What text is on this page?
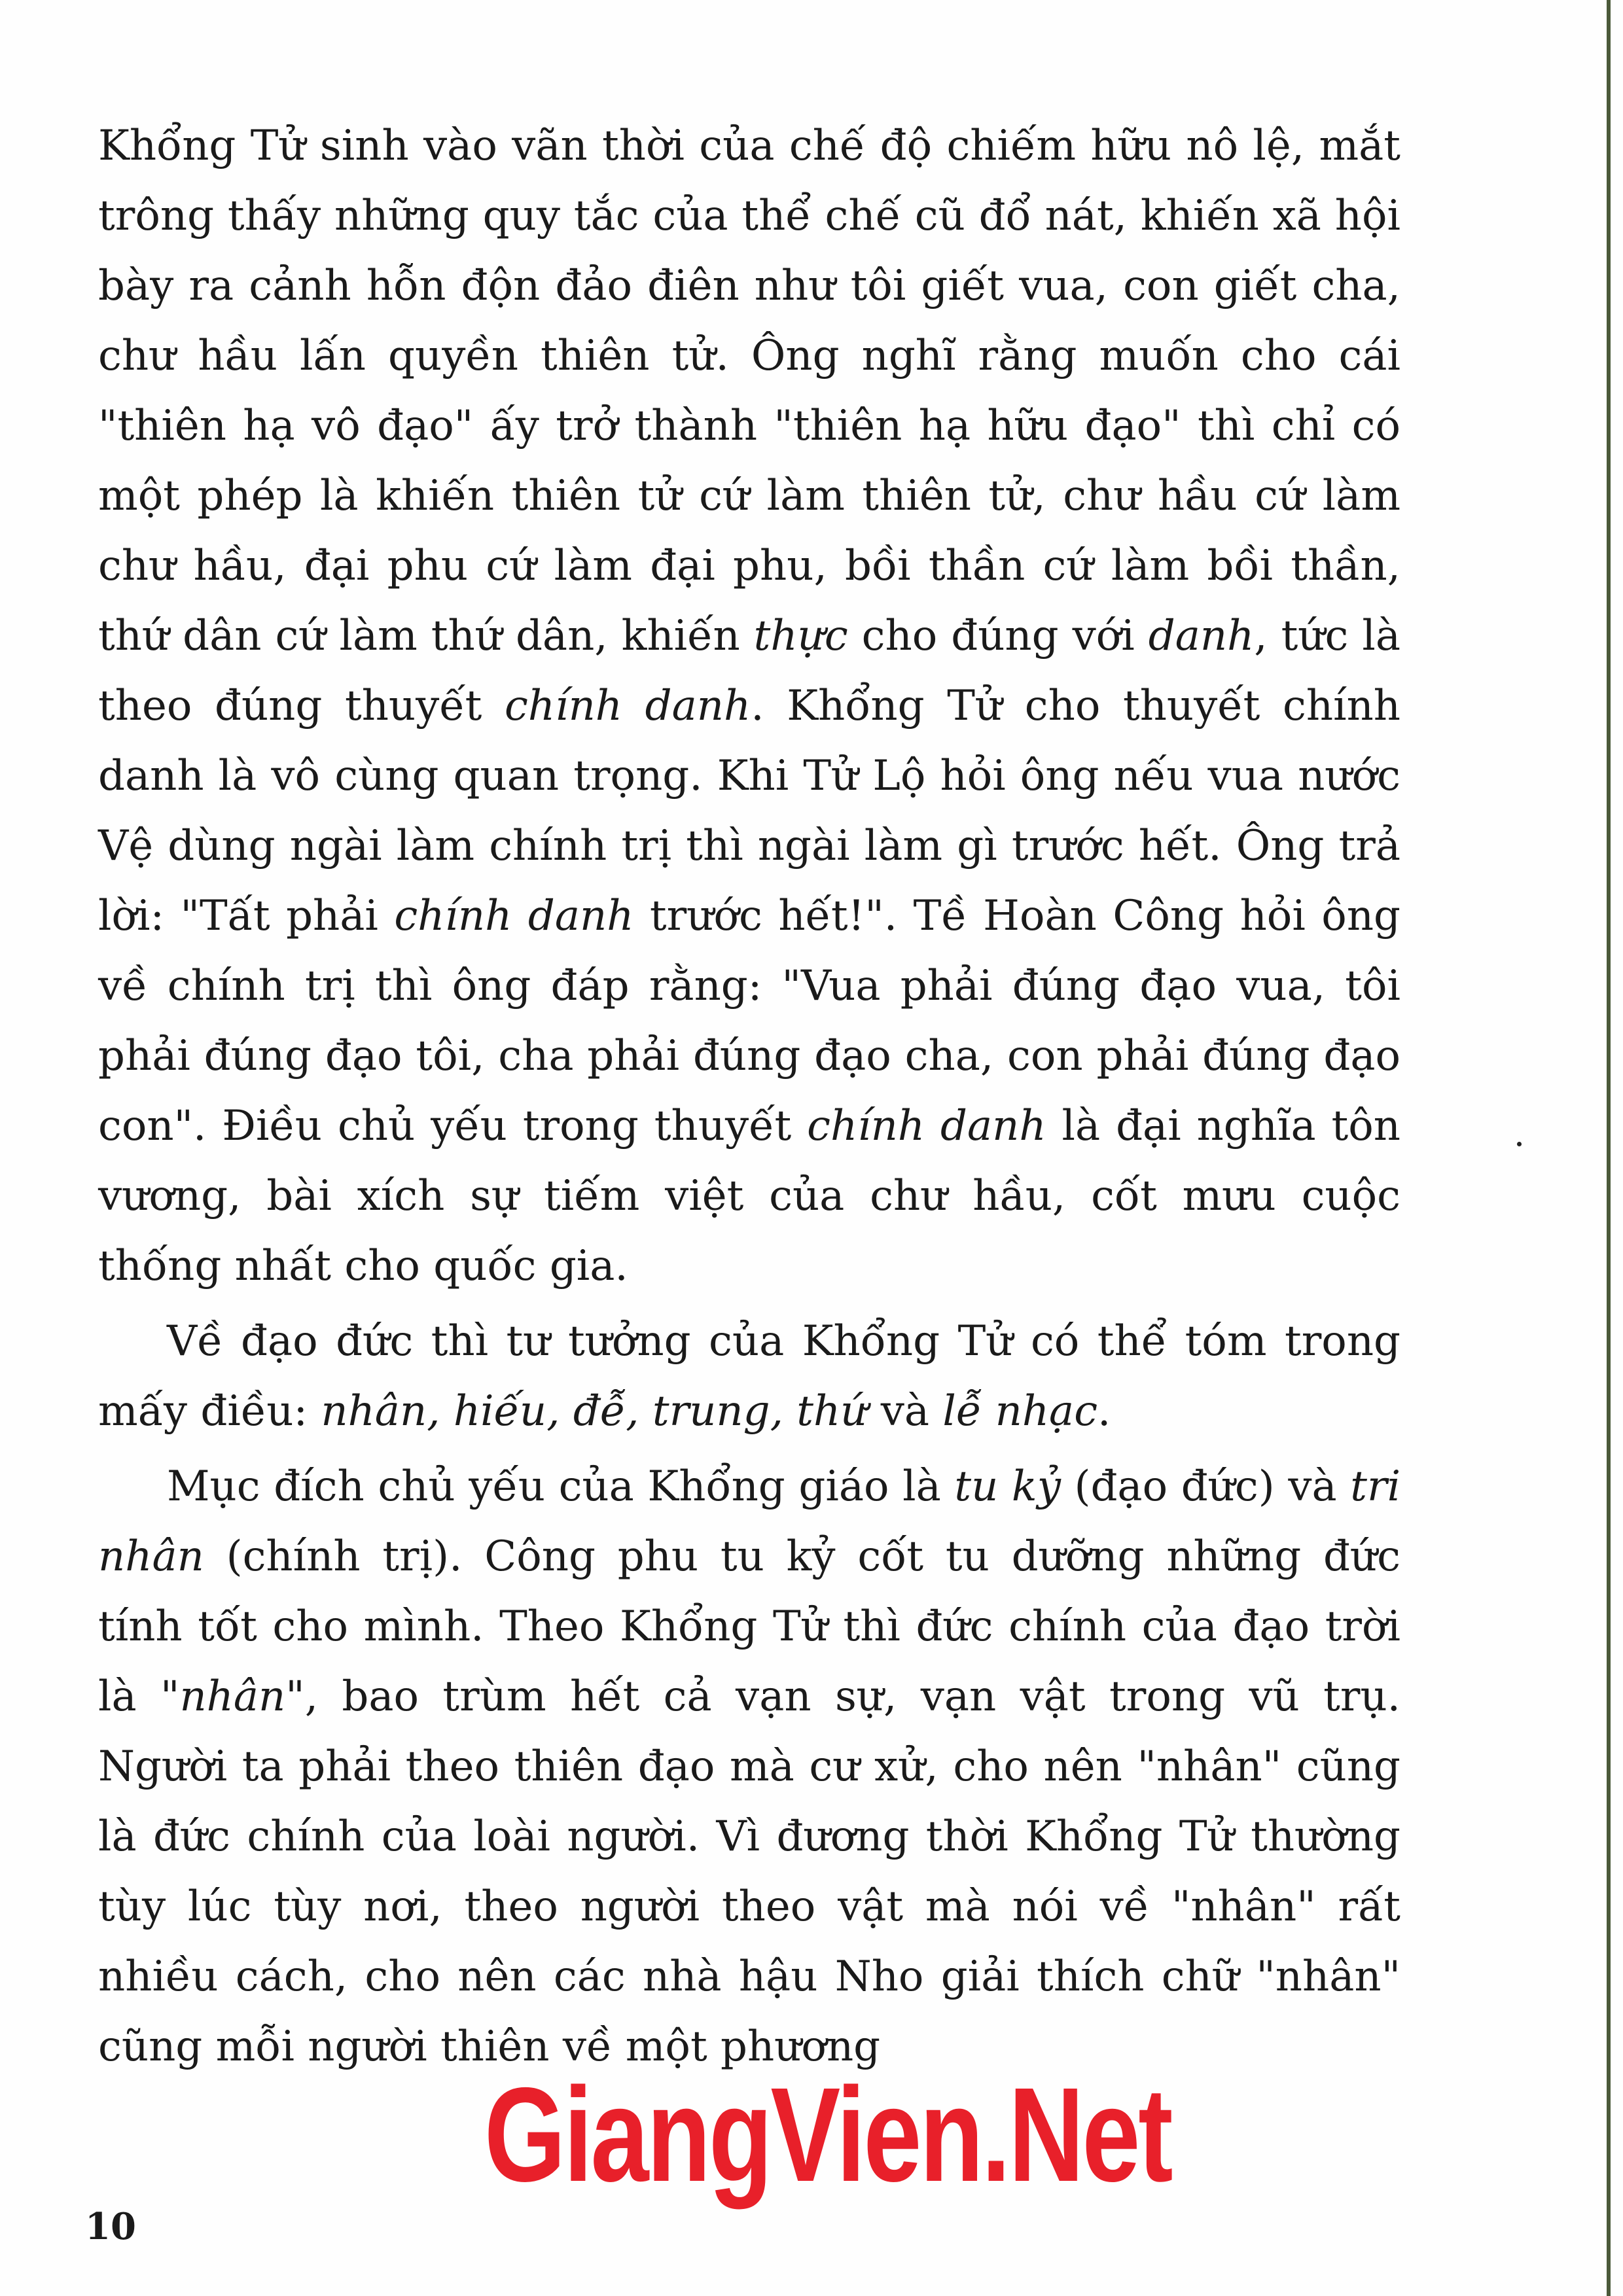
Khổng Tử sinh vào vãn thời của chế độ chiếm hữu nô lệ, mắt trông thấy những quy tắc của thể chế cũ đổ nát, khiến xã hội bày ra cảnh hỗn độn đảo điên như tôi giết vua, con giết cha, chư hầu lấn quyền thiên tử. Ông nghĩ rằng muốn cho cái "thiên hạ vô đạo" ấy trở thành "thiên hạ hữu đạo" thì chỉ có một phép là khiến thiên tử cứ làm thiên tử, chư hầu cứ làm chư hầu, đại phu cứ làm đại phu, bồi thần cứ làm bồi thần, thứ dân cứ làm thứ dân, khiến thực cho đúng với danh, tức là theo đúng thuyết chính danh. Khổng Tử cho thuyết chính danh là vô cùng quan trọng. Khi Tử Lộ hỏi ông nếu vua nước Vệ dùng ngài làm chính trị thì ngài làm gì trước hết. Ông trả lời: "Tất phải chính danh trước hết!". Tề Hoàn Công hỏi ông về chính trị thì ông đáp rằng: "Vua phải đúng đạo vua, tôi phải đúng đạo tôi, cha phải đúng đạo cha, con phải đúng đạo con". Điều chủ yếu trong thuyết chính danh là đại nghĩa tôn vương, bài xích sự tiếm việt của chư hầu, cốt mưu cuộc thống nhất cho quốc gia.

Về đạo đức thì tư tưởng của Khổng Tử có thể tóm trong mấy điều: nhân, hiếu, đễ, trung, thứ và lễ nhạc.

Mục đích chủ yếu của Khổng giáo là tu kỷ (đạo đức) và tri nhân (chính trị). Công phu tu kỷ cốt tu dưỡng những đức tính tốt cho mình. Theo Khổng Tử thì đức chính của đạo trời là "nhân", bao trùm hết cả vạn sự, vạn vật trong vũ trụ. Người ta phải theo thiên đạo mà cư xử, cho nên "nhân" cũng là đức chính của loài người. Vì đương thời Khổng Tử thường tùy lúc tùy nơi, theo người theo vật mà nói về "nhân" rất nhiều cách, cho nên các nhà hậu Nho giải thích chữ "nhân" cũng mỗi người thiên về một phương

10
GiangVien.Net
